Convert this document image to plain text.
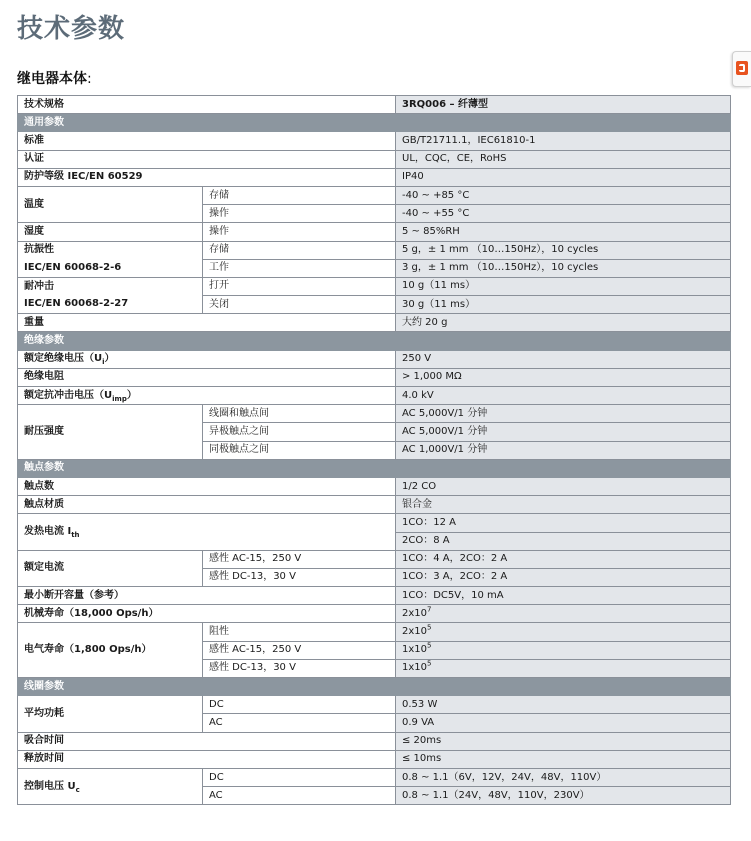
技术参数
继电器本体:
技术规格		3RQ006 – 纤薄型
通用参数		
标准		GB/T21711.1，IEC61810-1
认证		UL，CQC，CE，RoHS
防护等级 IEC/EN 60529		IP40
温度	存储	-40 ~ +85 °C
	操作	-40 ~ +55 °C
湿度	操作	5 ~ 85%RH
抗振性	存储	5 g，± 1 mm （10…150Hz），10 cycles
IEC/EN 60068-2-6	工作	3 g，± 1 mm （10…150Hz），10 cycles
耐冲击	打开	10 g（11 ms）
IEC/EN 60068-2-27	关闭	30 g（11 ms）
重量		大约 20 g
绝缘参数		
额定绝缘电压$(U_i)$		250 V
绝缘电阻		> 1,000 MΩ
额定抗冲击电压$(U_{imp})$		4.0 kV
耐压强度	线圈和触点间	AC 5,000V/1 分钟
	异极触点之间	AC 5,000V/1 分钟
	同极触点之间	AC 1,000V/1 分钟
触点参数		
触点数		1/2 CO
触点材质		银合金
发热电流 $I_{th}$		1CO：12 A
		2CO：8 A
额定电流	感性 AC-15，250 V	1CO：4 A，2CO：2 A
	感性 DC-13，30 V	1CO：3 A，2CO：2 A
最小断开容量（参考）		1CO：DC5V，10 mA
机械寿命（18,000 Ops/h）		$2x10^7$
电气寿命（1,800 Ops/h）	阻性	$2x10^5$
	感性 AC-15，250 V	$1x10^5$
	感性 DC-13，30 V	$1x10^5$
线圈参数		
平均功耗	DC	0.53 W
	AC	0.9 VA
吸合时间		≤ 20ms
释放时间		≤ 10ms
控制电压 $U_c$	DC	0.8 ~ 1.1（6V，12V，24V，48V，110V）
	AC	0.8 ~ 1.1（24V，48V，110V，230V）
